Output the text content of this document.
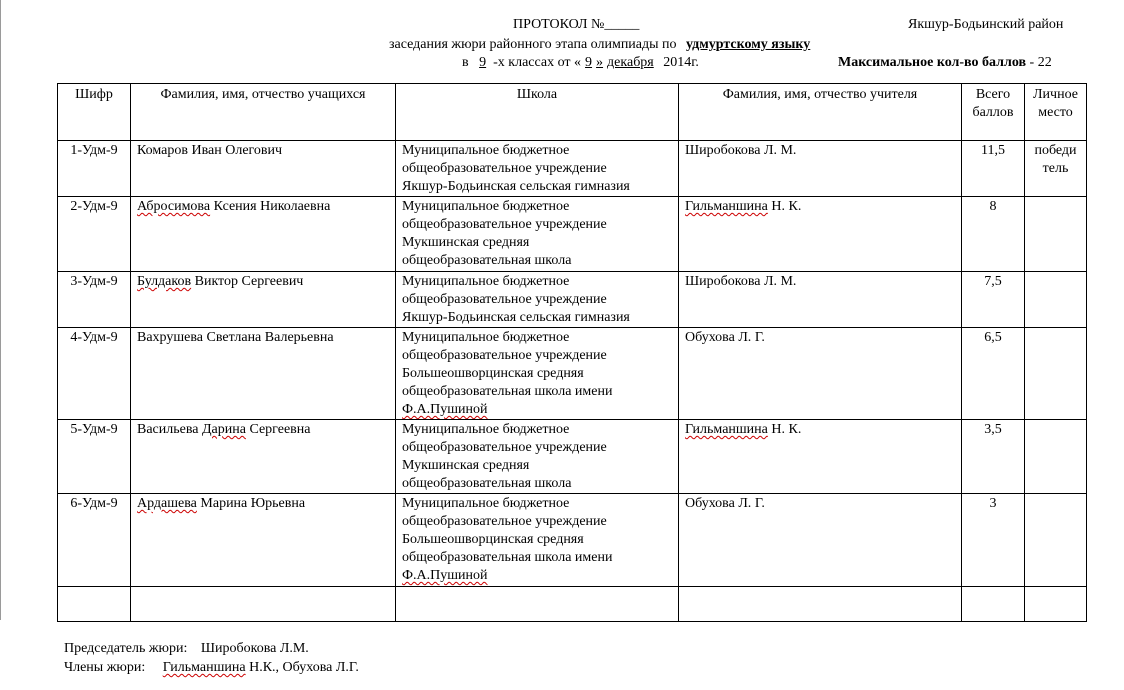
ПРОТОКОЛ №_____	Якшур-Бодьинский район
заседания жюри районного этапа олимпиады по удмуртскому языку
в 9 -х классах от « 9 » декабря 2014г.	Максимальное кол-во баллов - 22
Шифр	Фамилия, имя, отчество учащихся	Школа	Фамилия, имя, отчество учителя	Всего баллов	Личное место
1-Удм-9	Комаров Иван Олегович	Муниципальное бюджетное
общеобразовательное учреждение
Якшур-Бодьинская сельская гимназия	Широбокова Л. М.	11,5	победи тель
2-Удм-9	Абросимова Ксения Николаевна	Муниципальное бюджетное
общеобразовательное учреждение
Мукшинская средняя
общеобразовательная школа	Гильманшина Н. К.	8	
3-Удм-9	Булдаков Виктор Сергеевич	Муниципальное бюджетное
общеобразовательное учреждение
Якшур-Бодьинская сельская гимназия	Широбокова Л. М.	7,5	
4-Удм-9	Вахрушева Светлана Валерьевна	Муниципальное бюджетное
общеобразовательное учреждение
Большеошворцинская средняя
общеобразовательная школа имени
Ф.А.Пушиной	Обухова Л. Г.	6,5	
5-Удм-9	Васильева Дарина Сергеевна	Муниципальное бюджетное
общеобразовательное учреждение
Мукшинская средняя
общеобразовательная школа	Гильманшина Н. К.	3,5	
6-Удм-9	Ардашева Марина Юрьевна	Муниципальное бюджетное
общеобразовательное учреждение
Большеошворцинская средняя
общеобразовательная школа имени
Ф.А.Пушиной	Обухова Л. Г.	3	

Председатель жюри: Широбокова Л.М.
Члены жюри: Гильманшина Н.К., Обухова Л.Г.
